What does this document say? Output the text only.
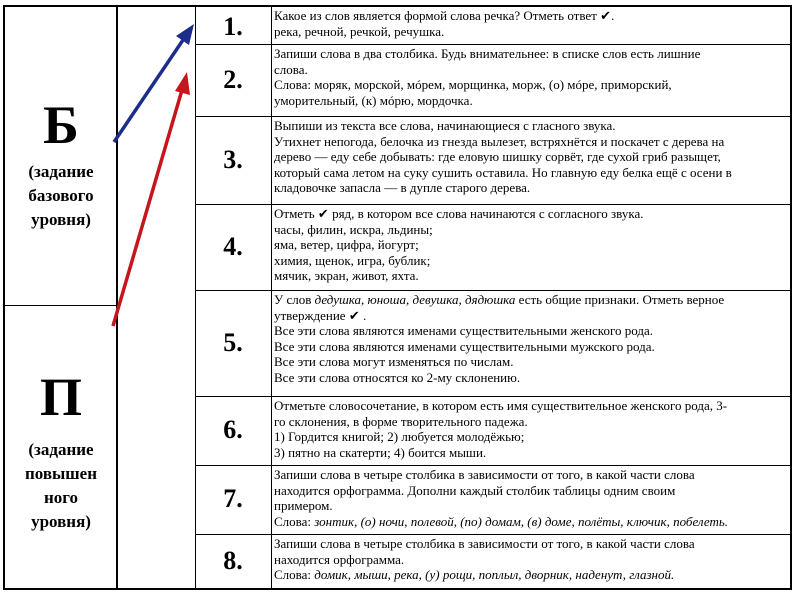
Б
(задание
базового
уровня)
П
(задание
повышен
ного
уровня)
1.
2.
3.
4.
5.
6.
7.
8.
Какое из слов является формой слова речка? Отметь ответ ✔.
река, речной, речкой, речушка.
Запиши слова в два столбика. Будь внимательнее: в списке слов есть лишние
слова.
Слова: моряк, морской, мóрем, морщинка, морж, (о) мóре, приморский,
уморительный, (к) мóрю, мордочка.
Выпиши из текста все слова, начинающиеся с гласного звука.
Утихнет непогода, белочка из гнезда вылезет, встряхнётся и поскачет с дерева на
дерево — еду себе добывать: где еловую шишку сорвёт, где сухой гриб разыщет,
который сама летом на суку сушить оставила. Но главную еду белка ещё с осени в
кладовочке запасла — в дупле старого дерева.
Отметь ✔ ряд, в котором все слова начинаются с согласного звука.
часы, филин, искра, льдины;
яма, ветер, цифра, йогурт;
химия, щенок, игра, бублик;
мячик, экран, живот, яхта.
У слов дедушка, юноша, девушка, дядюшка есть общие признаки. Отметь верное
утверждение ✔ .
Все эти слова являются именами существительными женского рода.
Все эти слова являются именами существительными мужского рода.
Все эти слова могут изменяться по числам.
Все эти слова относятся ко 2-му склонению.
Отметьте словосочетание, в котором есть имя существительное женского рода, 3-
го склонения, в форме творительного падежа.
1) Гордится книгой; 2) любуется молодёжью;
3) пятно на скатерти; 4) боится мыши.
Запиши слова в четыре столбика в зависимости от того, в какой части слова
находится орфограмма. Дополни каждый столбик таблицы одним своим
примером.
Слова: зонтик, (о) ночи, полевой, (по) домам, (в) доме, полёты, ключик, побелеть.
Запиши слова в четыре столбика в зависимости от того, в какой части слова
находится орфограмма.
Слова: домик, мыши, река, (у) рощи, поплыл, дворник, наденут, глазной.
